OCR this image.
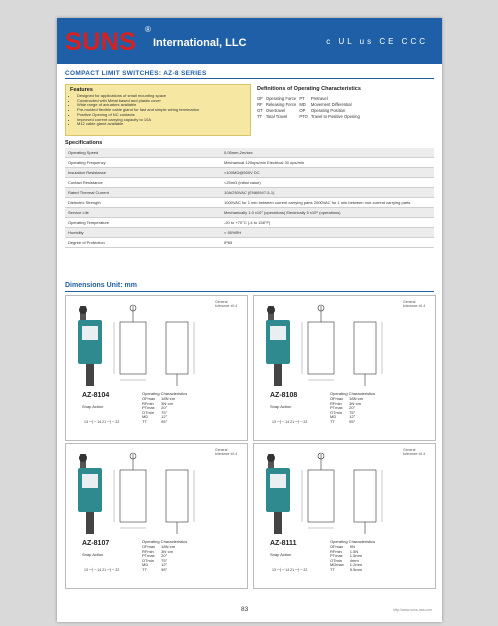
SUNS ®
International, LLC	c UL us CE CCC
COMPACT LIMIT SWITCHES: AZ-8 SERIES
Features
• Designed for applications of small mounting space
• Constructed with Metal based and plastic cover
• Wide range of actuators available
• Pre-molded flexible cable gland for fast and simple wiring termination
• Positive Opening of NC contacts
• Improved current carrying capacity to 10A
• M12 cable gland available
Definitions of Operating Characteristics
OF	Operating Force	PT	Pretravel
RF	Releasing Force	MD	Movement Differential
OT	Overtravel	OP	Operating Position
TT	Total Travel	PTO	Travel to Positive Opening
Specifications
Operating Speed	0.05mm-2m/sec
Operating Frequency	Mechanical 120ops/min Electrical 30 ops/min
Insulation Resistance	<100MΩ@500V DC
Contact Resistance	<25mΩ (initial value)
Rated Thermal Current	10A/250VAC (EN60947-5-1)
Dielectric Strength	1000VAC for 1 min between current carrying parts 2000VAC for 1 min between non-current carrying parts
Service Life	Mechanically 1.0 x10⁷ (operations) Electrically 5 x10⁵ (operations)
Operating Temperature	-20 to +70°C (-4 to 158°F)
Humidity	< 95%RH
Degree of Protection	IP65
Dimensions Unit: mm
General tolerance ±0.4
AZ-8104
Snap Action
13 ─┤─ 14 21 ─┤─ 22
Operating Characteristics
OFmax	18N·cm
RFmin	3N·cm
PTmax	20°
OTmin	75°
MD	12°
TT	95°
General tolerance ±0.4
AZ-8108
Snap Action
13 ─┤─ 14 21 ─┤─ 22
Operating Characteristics
OFmax	18N·cm
RFmin	3N·cm
PTmax	20°
OTmin	75°
MD	12°
TT	95°
General tolerance ±0.4
AZ-8107
Snap Action
13 ─┤─ 14 21 ─┤─ 22
Operating Characteristics
OFmax	18N·cm
RFmin	3N·cm
PTmax	20°
OTmin	75°
MD	12°
TT	95°
General tolerance ±0.4
AZ-8111
Snap Action
13 ─┤─ 14 21 ─┤─ 22
Operating Characteristics
OFmax	9N
RFmin	1.5N
PTmax	1.5mm
OTmin	4mm
MDmax	1.2mm
TT	5.5mm
83	http://www.suns-usa.com
